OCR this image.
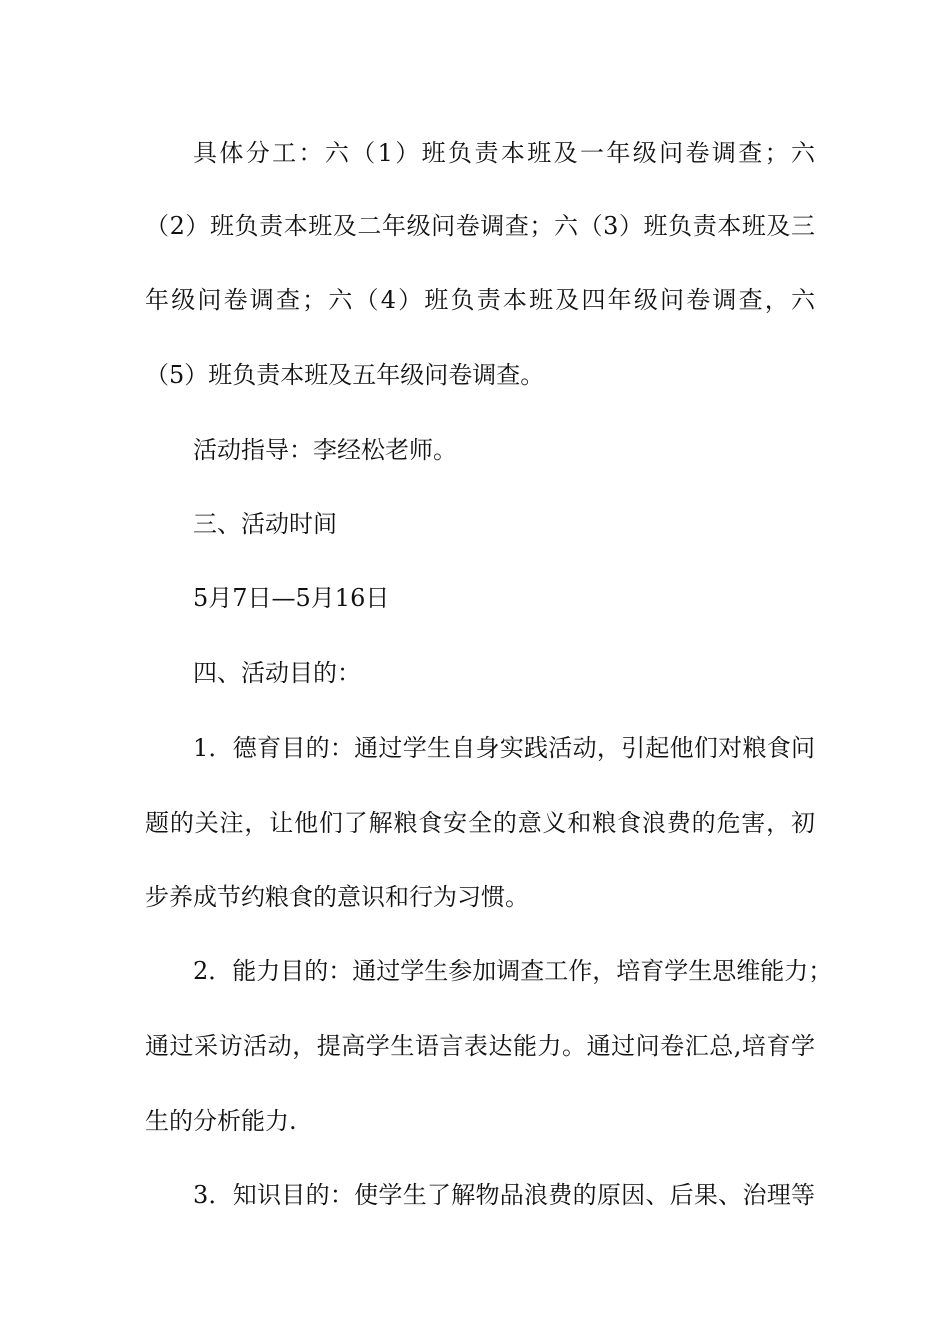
具体分工：六（1）班负责本班及一年级问卷调查；六
（2）班负责本班及二年级问卷调查；六（3）班负责本班及三
年级问卷调查；六（4）班负责本班及四年级问卷调查，六
（5）班负责本班及五年级问卷调查。
活动指导：李经松老师。
三、活动时间
5月7日—5月16日
四、活动目的：
1．德育目的：通过学生自身实践活动，引起他们对粮食问
题的关注，让他们了解粮食安全的意义和粮食浪费的危害，初
步养成节约粮食的意识和行为习惯。
2．能力目的：通过学生参加调查工作，培育学生思维能力；
通过采访活动，提高学生语言表达能力。通过问卷汇总,培育学
生的分析能力.
3．知识目的：使学生了解物品浪费的原因、后果、治理等
